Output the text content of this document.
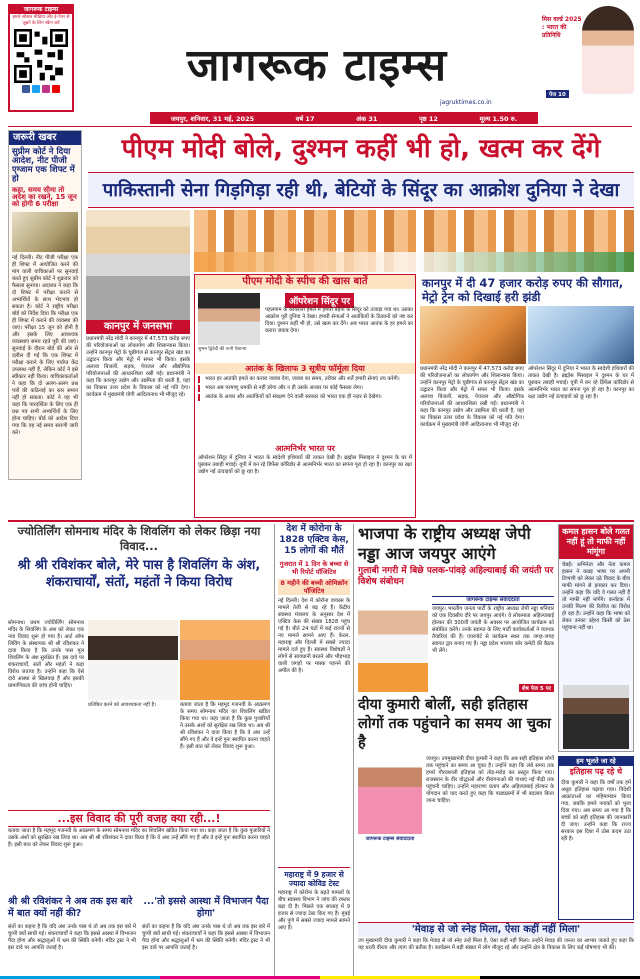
जागरूक टाइम्स
हमारे सोशल मीडिया और ई-पेपर से जुड़ने के लिए स्कैन करें
जागरूक टाइम्स
jagruktimes.co.in
मिस वर्ल्ड 2025 : भारत की प्रतिनिधि
पेज 10
जयपुर, शनिवार, 31 मई, 2025	वर्ष 17	अंक 31	पृष्ठ 12	मूल्य 1.50 रु.
जरूरी खबर
सुप्रीम कोर्ट ने दिया आदेश, नीट पीजी एग्जाम एक शिफ्ट में हो
कहा, समय सीमा तो अदेश का रखने, 15 जून को होगी 6 परीक्षा
नई दिल्ली। नीट पीजी परीक्षा एक ही शिफ्ट में आयोजित करने की मांग वाली याचिकाओं पर सुनवाई करते हुए सुप्रीम कोर्ट ने शुक्रवार को फैसला सुनाया। अदालत ने कहा कि दो शिफ्ट में परीक्षा कराने से अभ्यर्थियों के साथ भेदभाव हो सकता है। कोर्ट ने राष्ट्रीय परीक्षा बोर्ड को निर्देश दिया कि परीक्षा एक ही शिफ्ट में कराने की व्यवस्था की जाए। परीक्षा 15 जून को होनी है और इसके लिए आवश्यक व्यवस्थाएं समय रहते पूरी की जाएं। सुनवाई के दौरान बोर्ड की ओर से दलील दी गई कि एक शिफ्ट में परीक्षा कराने के लिए पर्याप्त केंद्र उपलब्ध नहीं हैं, लेकिन कोर्ट ने इसे स्वीकार नहीं किया। याचिकाकर्ताओं ने कहा कि दो अलग-अलग प्रश्न पत्रों की कठिनाई का स्तर समान नहीं हो सकता। कोर्ट ने यह भी कहा कि पारदर्शिता के लिए एक ही प्रश्न पत्र सभी अभ्यर्थियों के लिए होना चाहिए। बोर्ड को आदेश दिया गया कि वह नई समय सारणी जारी करे।
पीएम मोदी बोले, दुश्मन कहीं भी हो, खत्म कर देंगे
पाकिस्तानी सेना गिड़गिड़ा रही थी, बेटियों के सिंदूर का आक्रोश दुनिया ने देखा
कानपुर में जनसभा
पीएम मोदी के स्पीच की खास बातें
शुभम द्विवेदी की पत्नी ऐशान्या
ऑपरेशन सिंदूर पर
पहलगाम के कायराना हमले में हमारी बहनों के सिंदूर को उजाड़ा गया था। उसका आक्रोश पूरी दुनिया ने देखा। हमारी सेनाओं ने आतंकियों के ठिकानों को नष्ट कर दिया। दुश्मन कहीं भी हो, उसे खत्म कर देंगे। अब भारत आतंक के हर हमले का करारा जवाब देगा।
आतंक के खिलाफ 3 सूत्रीय फॉर्मूला दिया
भारत हर आतंकी हमले का करारा जवाब देगा, जवाब का समय, तरीका और शर्तें हमारी सेनाएं तय करेंगी।
भारत अब परमाणु धमकी से नहीं डरेगा और न ही उसके आधार पर कोई फैसला लेगा।
आतंक के आका और आतंकियों को संरक्षण देने वाली सरकार को भारत एक ही नज़र से देखेगा।
आत्मनिर्भर भारत पर
ऑपरेशन सिंदूर में दुनिया ने भारत के स्वदेशी हथियारों की ताकत देखी है। ब्रह्मोस मिसाइल ने दुश्मन के घर में घुसकर तबाही मचाई। यूपी में बन रहे डिफेंस कॉरिडोर से आत्मनिर्भर भारत का सपना पूरा हो रहा है। कानपुर का रक्षा उद्योग नई ऊंचाइयों को छू रहा है।
प्रधानमंत्री नरेंद्र मोदी ने कानपुर में 47,573 करोड़ रुपए की परियोजनाओं का लोकार्पण और शिलान्यास किया। उन्होंने कानपुर मेट्रो के चुन्नीगंज से कानपुर सेंट्रल खंड का उद्घाटन किया और मेट्रो में सफर भी किया। इसके अलावा बिजली, सड़क, पेयजल और औद्योगिक परियोजनाओं की आधारशिला रखी गई। प्रधानमंत्री ने कहा कि कानपुर उद्योग और उद्यमिता की धरती है, यहां का विकास उत्तर प्रदेश के विकास को नई गति देगा। कार्यक्रम में मुख्यमंत्री योगी आदित्यनाथ भी मौजूद रहे।
कानपुर में दी 47 हजार करोड़ रुपए की सौगात, मेट्रो ट्रेन को दिखाई हरी झंडी
प्रधानमंत्री नरेंद्र मोदी ने कानपुर में 47,573 करोड़ रुपए की परियोजनाओं का लोकार्पण और शिलान्यास किया। उन्होंने कानपुर मेट्रो के चुन्नीगंज से कानपुर सेंट्रल खंड का उद्घाटन किया और मेट्रो में सफर भी किया। इसके अलावा बिजली, सड़क, पेयजल और औद्योगिक परियोजनाओं की आधारशिला रखी गई। प्रधानमंत्री ने कहा कि कानपुर उद्योग और उद्यमिता की धरती है, यहां का विकास उत्तर प्रदेश के विकास को नई गति देगा। कार्यक्रम में मुख्यमंत्री योगी आदित्यनाथ भी मौजूद रहे।
ऑपरेशन सिंदूर में दुनिया ने भारत के स्वदेशी हथियारों की ताकत देखी है। ब्रह्मोस मिसाइल ने दुश्मन के घर में घुसकर तबाही मचाई। यूपी में बन रहे डिफेंस कॉरिडोर से आत्मनिर्भर भारत का सपना पूरा हो रहा है। कानपुर का रक्षा उद्योग नई ऊंचाइयों को छू रहा है।
ज्योतिर्लिंग सोमनाथ मंदिर के शिवलिंग को लेकर छिड़ा नया विवाद...
श्री श्री रविशंकर बोले, मेरे पास है शिवलिंग के अंश, शंकराचार्यों, संतों, महंतों ने किया विरोध
सोमनाथ। प्रथम ज्योतिर्लिंग सोमनाथ मंदिर के शिवलिंग के अंश को लेकर एक नया विवाद शुरू हो गया है। आर्ट ऑफ लिविंग के संस्थापक श्री श्री रविशंकर ने दावा किया है कि उनके पास मूल शिवलिंग के अंश सुरक्षित हैं। इस दावे पर शंकराचार्यों, संतों और महंतों ने कड़ा विरोध जताया है। उन्होंने कहा कि ऐसे दावे आस्था से खिलवाड़ हैं और इसकी प्रामाणिकता की जांच होनी चाहिए।
प्रतिष्ठित करने को आवश्यकता नहीं है।	बताया जाता है कि महमूद गजनवी के आक्रमण के समय सोमनाथ मंदिर का शिवलिंग खंडित किया गया था। कहा जाता है कि कुछ पुजारियों ने उसके अंशों को सुरक्षित रख लिया था। अब श्री श्री रविशंकर ने दावा किया है कि वे अंश उन्हें सौंपे गए हैं और वे इन्हें पुनः स्थापित करना चाहते हैं। इसी बात को लेकर विवाद शुरू हुआ।
...इस विवाद की पूरी वजह क्या रही...!
बताया जाता है कि महमूद गजनवी के आक्रमण के समय सोमनाथ मंदिर का शिवलिंग खंडित किया गया था। कहा जाता है कि कुछ पुजारियों ने उसके अंशों को सुरक्षित रख लिया था। अब श्री श्री रविशंकर ने दावा किया है कि वे अंश उन्हें सौंपे गए हैं और वे इन्हें पुनः स्थापित करना चाहते हैं। इसी बात को लेकर विवाद शुरू हुआ।
श्री श्री रविशंकर ने अब तक इस बारे में बात क्यों नहीं की?
...'तो इससे आस्था में विभाजन पैदा होगा'
संतों का कहना है कि यदि अंश उनके पास थे तो अब तक इस बारे में चुप्पी क्यों साधी गई। शंकराचार्यों ने कहा कि इससे आस्था में विभाजन पैदा होगा और श्रद्धालुओं में भ्रम की स्थिति बनेगी। मंदिर ट्रस्ट ने भी इस दावे पर आपत्ति जताई है।
संतों का कहना है कि यदि अंश उनके पास थे तो अब तक इस बारे में चुप्पी क्यों साधी गई। शंकराचार्यों ने कहा कि इससे आस्था में विभाजन पैदा होगा और श्रद्धालुओं में भ्रम की स्थिति बनेगी। मंदिर ट्रस्ट ने भी इस दावे पर आपत्ति जताई है।
देश में कोरोना के 1828 एक्टिव केस, 15 लोगों की मौतें
गुजरात में 1 दिन के बच्चा से भी रिपोर्ट पॉजिटिव
8 महीने की बच्ची ओमिक्रॉन पॉजिटिव
नई दिल्ली। देश में कोरोना वायरस के मामले तेजी से बढ़ रहे हैं। केंद्रीय स्वास्थ्य मंत्रालय के अनुसार देश में एक्टिव केस की संख्या 1828 पहुंच गई है। बीते 24 घंटों में कई राज्यों से नए मामले सामने आए हैं। केरल, महाराष्ट्र और दिल्ली में सबसे ज्यादा मामले दर्ज हुए हैं। स्वास्थ्य विशेषज्ञों ने लोगों से सावधानी बरतने और भीड़भाड़ वाली जगहों पर मास्क पहनने की अपील की है।
महाराष्ट्र में 9 हजार से ज्यादा कोविड टेस्ट
महाराष्ट्र में कोरोना के बढ़ते मामलों के बीच स्वास्थ्य विभाग ने जांच की रफ्तार बढ़ा दी है। पिछले एक सप्ताह में 9 हजार से ज्यादा टेस्ट किए गए हैं। मुंबई और पुणे में सबसे ज्यादा मामले सामने आए हैं।
भाजपा के राष्ट्रीय अध्यक्ष जेपी नड्डा आज जयपुर आएंगे
गुलाबी नगरी में बिछे पलक-पांवड़े अहिल्याबाई की जयंती पर विशेष संबोधन
जागरूक टाइम्स संवाददाता
जयपुर। भारतीय जनता पार्टी के राष्ट्रीय अध्यक्ष जेपी नड्डा शनिवार को एक दिवसीय दौरे पर जयपुर आएंगे। वे लोकमाता अहिल्याबाई होल्कर की 300वीं जयंती के अवसर पर आयोजित कार्यक्रम को संबोधित करेंगे। उनके स्वागत के लिए पार्टी कार्यकर्ताओं ने व्यापक तैयारियां की हैं। एयरपोर्ट से कार्यक्रम स्थल तक जगह-जगह स्वागत द्वार बनाए गए हैं। नड्डा प्रदेश भाजपा कोर कमेटी की बैठक भी लेंगे।
शेष पेज 5 पर
कमल हासन बोले गलत नहीं हूं तो माफी नहीं मांगूंगा
चेन्नई। अभिनेता और नेता कमल हासन ने कन्नड़ भाषा पर अपनी टिप्पणी को लेकर उठे विवाद के बीच माफी मांगने से इनकार कर दिया। उन्होंने कहा कि यदि वे गलत नहीं हैं तो माफी नहीं मांगेंगे। कर्नाटक में उनकी फिल्म की रिलीज का विरोध हो रहा है। उन्होंने कहा कि भाषा को लेकर उनका उद्देश्य किसी को ठेस पहुंचाना नहीं था।
दीया कुमारी बोलीं, सही इतिहास लोगों तक पहुंचाने का समय आ चुका है
जागरूक टाइम्स संवाददाता
जयपुर। उपमुख्यमंत्री दीया कुमारी ने कहा कि अब सही इतिहास लोगों तक पहुंचाने का समय आ चुका है। उन्होंने कहा कि लंबे समय तक हमारे गौरवशाली इतिहास को तोड़-मरोड़ कर प्रस्तुत किया गया। राजस्थान के वीर योद्धाओं और वीरांगनाओं की गाथाएं नई पीढ़ी तक पहुंचनी चाहिए। उन्होंने महाराणा प्रताप और अहिल्याबाई होल्कर के योगदान को याद करते हुए कहा कि पाठ्यक्रमों में भी बदलाव किया जाना चाहिए।
हम भूलते जा रहे
इतिहास पढ़ रहे थे
दीया कुमारी ने कहा कि वर्षों तक हमें अधूरा इतिहास पढ़ाया गया। विदेशी आक्रांताओं का महिमामंडन किया गया, जबकि हमारे नायकों को भुला दिया गया। अब समय आ गया है कि बच्चों को सही इतिहास की जानकारी दी जाए। उन्होंने कहा कि राज्य सरकार इस दिशा में ठोस कदम उठा रही है।
'मेवाड़ से जो स्नेह मिला, ऐसा कहीं नहीं मिला'
उप मुख्यमंत्री दीया कुमारी ने कहा कि मेवाड़ से जो स्नेह उन्हें मिला है, ऐसा कहीं नहीं मिला। उन्होंने मेवाड़ की जनता का आभार जताते हुए कहा कि यह धरती वीरता और त्याग की प्रतीक है। कार्यक्रम में बड़ी संख्या में लोग मौजूद रहे और उन्होंने क्षेत्र के विकास के लिए कई घोषणाएं भी कीं।
